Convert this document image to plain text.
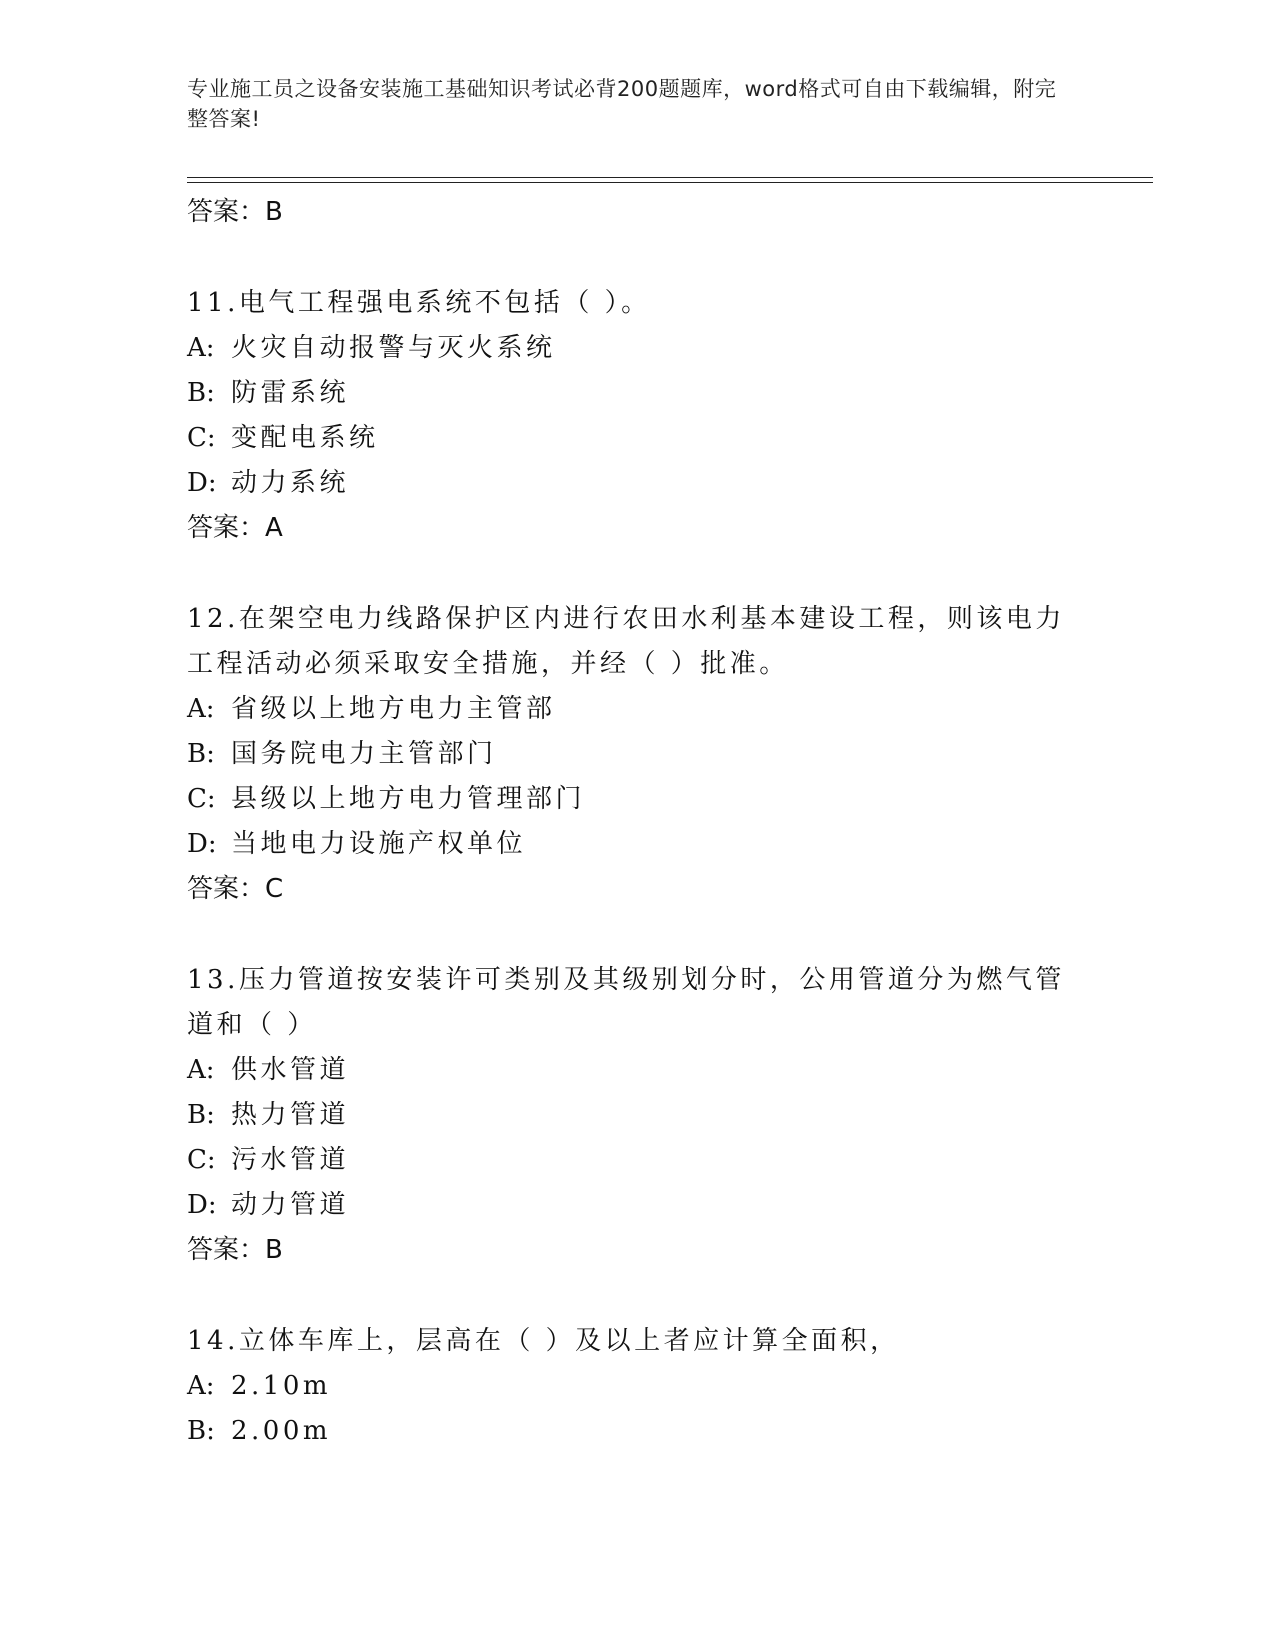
专业施工员之设备安装施工基础知识考试必背200题题库，word格式可自由下载编辑，附完整答案!
答案：B
11.电气工程强电系统不包括（ ）。
A: 火灾自动报警与灭火系统
B: 防雷系统
C: 变配电系统
D: 动力系统
答案：A
12.在架空电力线路保护区内进行农田水利基本建设工程，则该电力工程活动必须采取安全措施，并经（ ）批准。
A: 省级以上地方电力主管部
B: 国务院电力主管部门
C: 县级以上地方电力管理部门
D: 当地电力设施产权单位
答案：C
13.压力管道按安装许可类别及其级别划分时，公用管道分为燃气管道和（ ）
A: 供水管道
B: 热力管道
C: 污水管道
D: 动力管道
答案：B
14.立体车库上，层高在（ ）及以上者应计算全面积，
A: 2.10m
B: 2.00m
